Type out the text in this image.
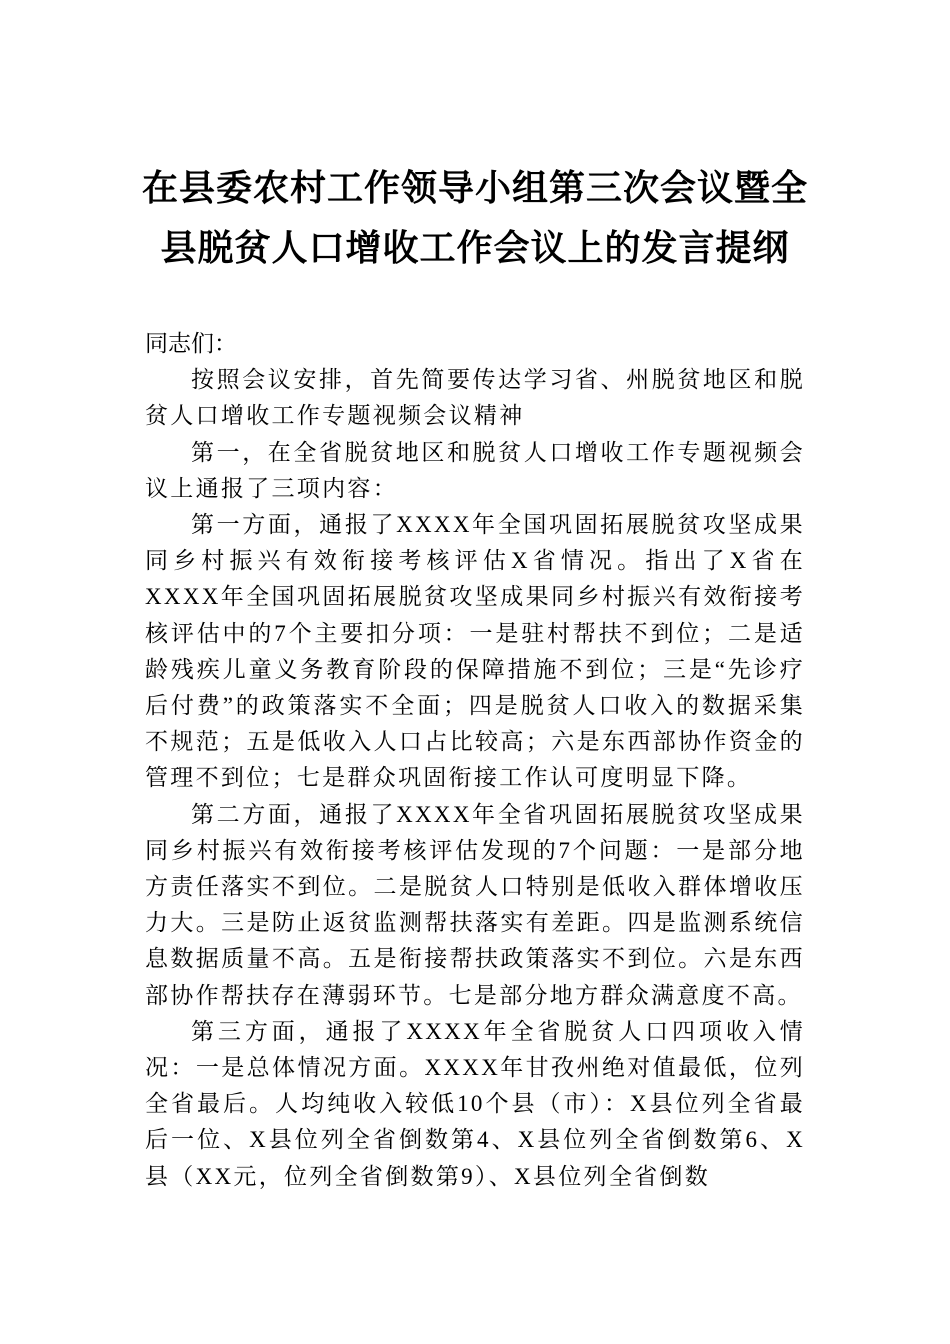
在县委农村工作领导小组第三次会议暨全
县脱贫人口增收工作会议上的发言提纲

同志们：

按照会议安排，首先简要传达学习省、州脱贫地区和脱贫人口增收工作专题视频会议精神

第一，在全省脱贫地区和脱贫人口增收工作专题视频会议上通报了三项内容：

第一方面，通报了XXXX年全国巩固拓展脱贫攻坚成果同乡村振兴有效衔接考核评估X省情况。指出了X省在XXXX年全国巩固拓展脱贫攻坚成果同乡村振兴有效衔接考核评估中的7个主要扣分项：一是驻村帮扶不到位；二是适龄残疾儿童义务教育阶段的保障措施不到位；三是“先诊疗后付费”的政策落实不全面；四是脱贫人口收入的数据采集不规范；五是低收入人口占比较高；六是东西部协作资金的管理不到位；七是群众巩固衔接工作认可度明显下降。

第二方面，通报了XXXX年全省巩固拓展脱贫攻坚成果同乡村振兴有效衔接考核评估发现的7个问题：一是部分地方责任落实不到位。二是脱贫人口特别是低收入群体增收压力大。三是防止返贫监测帮扶落实有差距。四是监测系统信息数据质量不高。五是衔接帮扶政策落实不到位。六是东西部协作帮扶存在薄弱环节。七是部分地方群众满意度不高。

第三方面，通报了XXXX年全省脱贫人口四项收入情况：一是总体情况方面。XXXX年甘孜州绝对值最低，位列全省最后。人均纯收入较低10个县（市）：X县位列全省最后一位、X县位列全省倒数第4、X县位列全省倒数第6、X县（XX元，位列全省倒数第9）、X县位列全省倒数
